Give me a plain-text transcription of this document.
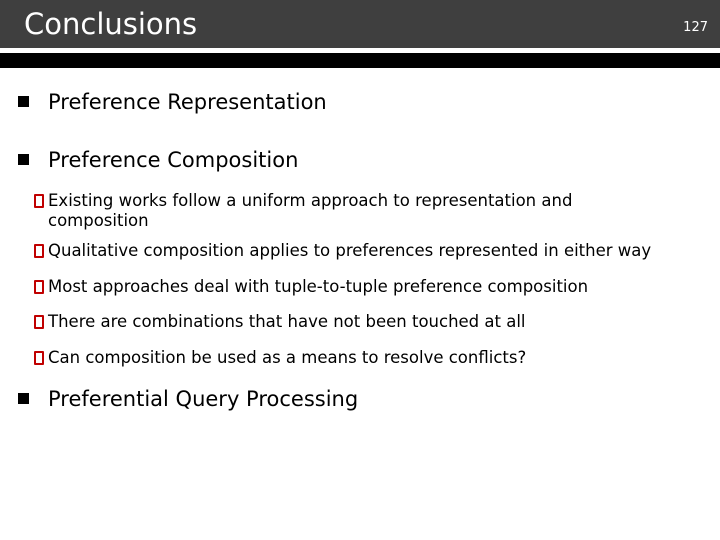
Conclusions	127
Preference Representation
Preference Composition
Existing works follow a uniform approach to representation and composition
Qualitative composition applies to preferences represented in either way
Most approaches deal with tuple-to-tuple preference composition
There are combinations that have not been touched at all
Can composition be used as a means to resolve conflicts?
Preferential Query Processing
